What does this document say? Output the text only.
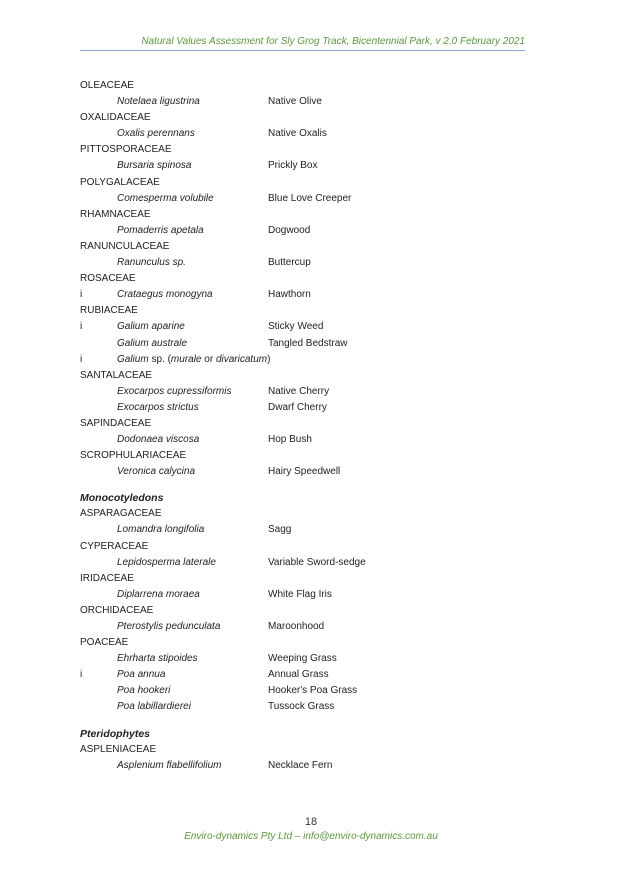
Natural Values Assessment for Sly Grog Track, Bicentennial Park, v 2.0 February 2021
OLEACEAE
Notelaea ligustrina	Native Olive
OXALIDACEAE
Oxalis perennans	Native Oxalis
PITTOSPORACEAE
Bursaria spinosa	Prickly Box
POLYGALACEAE
Comesperma volubile	Blue Love Creeper
RHAMNACEAE
Pomaderris apetala	Dogwood
RANUNCULACEAE
Ranunculus sp.	Buttercup
ROSACEAE
i	Crataegus monogyna	Hawthorn
RUBIACEAE
i	Galium aparine	Sticky Weed
Galium australe	Tangled Bedstraw
i	Galium sp. (murale or divaricatum)
SANTALACEAE
Exocarpos cupressiformis	Native Cherry
Exocarpos strictus	Dwarf Cherry
SAPINDACEAE
Dodonaea viscosa	Hop Bush
SCROPHULARIACEAE
Veronica calycina	Hairy Speedwell
Monocotyledons
ASPARAGACEAE
Lomandra longifolia	Sagg
CYPERACEAE
Lepidosperma laterale	Variable Sword-sedge
IRIDACEAE
Diplarrena moraea	White Flag Iris
ORCHIDACEAE
Pterostylis pedunculata	Maroonhood
POACEAE
Ehrharta stipoides	Weeping Grass
i	Poa annua	Annual Grass
Poa hookeri	Hooker's Poa Grass
Poa labillardierei	Tussock Grass
Pteridophytes
ASPLENIACEAE
Asplenium flabellifolium	Necklace Fern
18
Enviro-dynamics Pty Ltd – info@enviro-dynamics.com.au
